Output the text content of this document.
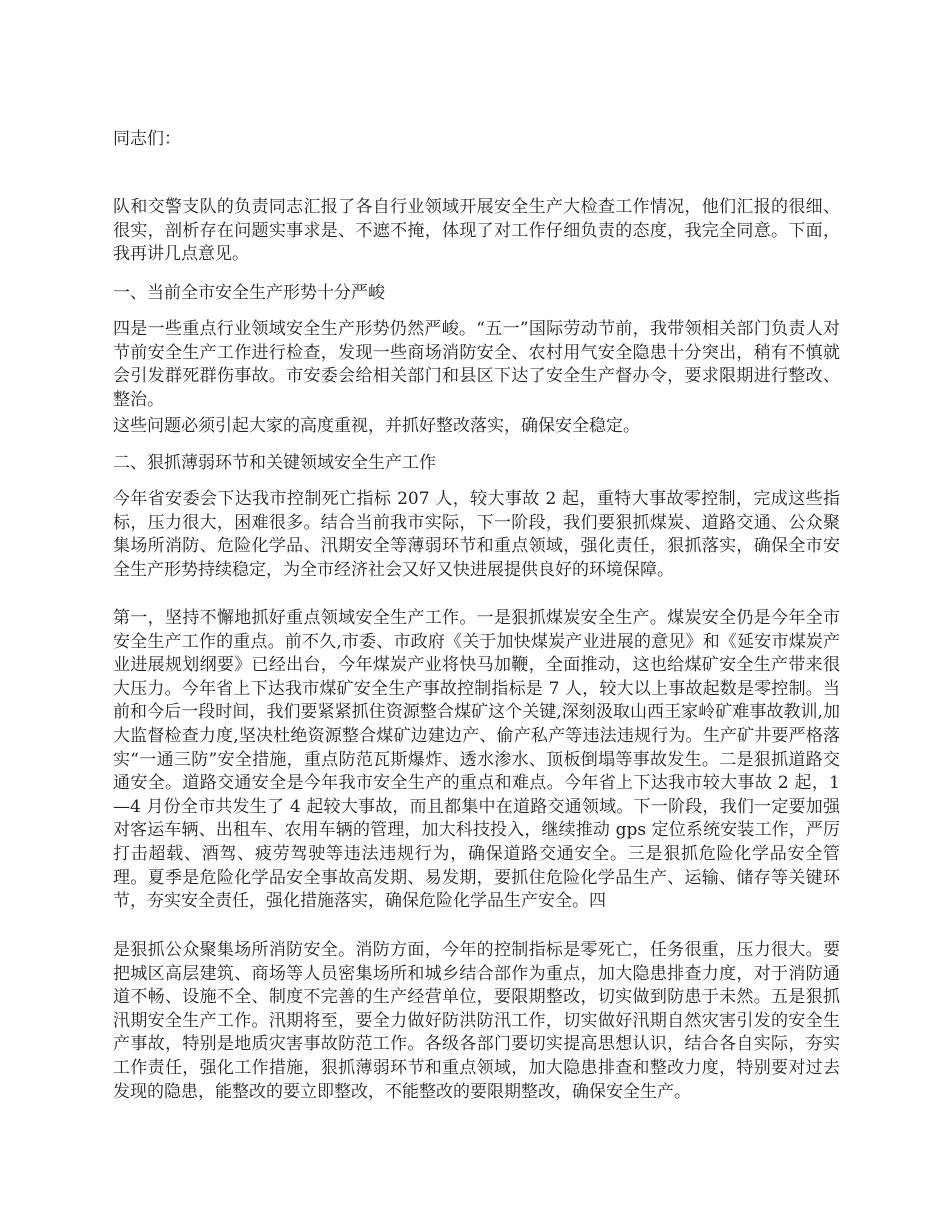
同志们：

队和交警支队的负责同志汇报了各自行业领域开展安全生产大检查工作情况，他们汇报的很细、很实，剖析存在问题实事求是、不遮不掩，体现了对工作仔细负责的态度，我完全同意。下面，我再讲几点意见。

一、当前全市安全生产形势十分严峻

四是一些重点行业领域安全生产形势仍然严峻。“五一”国际劳动节前，我带领相关部门负责人对节前安全生产工作进行检查，发现一些商场消防安全、农村用气安全隐患十分突出，稍有不慎就会引发群死群伤事故。市安委会给相关部门和县区下达了安全生产督办令，要求限期进行整改、整治。

这些问题必须引起大家的高度重视，并抓好整改落实，确保安全稳定。

二、狠抓薄弱环节和关键领域安全生产工作

今年省安委会下达我市控制死亡指标 207 人，较大事故 2 起，重特大事故零控制，完成这些指标，压力很大，困难很多。结合当前我市实际，下一阶段，我们要狠抓煤炭、道路交通、公众聚集场所消防、危险化学品、汛期安全等薄弱环节和重点领域，强化责任，狠抓落实，确保全市安全生产形势持续稳定，为全市经济社会又好又快进展提供良好的环境保障。

第一，坚持不懈地抓好重点领域安全生产工作。一是狠抓煤炭安全生产。煤炭安全仍是今年全市安全生产工作的重点。前不久,市委、市政府《关于加快煤炭产业进展的意见》和《延安市煤炭产业进展规划纲要》已经出台，今年煤炭产业将快马加鞭，全面推动，这也给煤矿安全生产带来很大压力。今年省上下达我市煤矿安全生产事故控制指标是 7 人，较大以上事故起数是零控制。当前和今后一段时间，我们要紧紧抓住资源整合煤矿这个关键,深刻汲取山西王家岭矿难事故教训,加大监督检查力度,坚决杜绝资源整合煤矿边建边产、偷产私产等违法违规行为。生产矿井要严格落实“一通三防”安全措施，重点防范瓦斯爆炸、透水渗水、顶板倒塌等事故发生。二是狠抓道路交通安全。道路交通安全是今年我市安全生产的重点和难点。今年省上下达我市较大事故 2 起，1—4 月份全市共发生了 4 起较大事故，而且都集中在道路交通领域。下一阶段，我们一定要加强对客运车辆、出租车、农用车辆的管理，加大科技投入，继续推动 gps 定位系统安装工作，严厉打击超载、酒驾、疲劳驾驶等违法违规行为，确保道路交通安全。三是狠抓危险化学品安全管理。夏季是危险化学品安全事故高发期、易发期，要抓住危险化学品生产、运输、储存等关键环节，夯实安全责任，强化措施落实，确保危险化学品生产安全。四

是狠抓公众聚集场所消防安全。消防方面，今年的控制指标是零死亡，任务很重，压力很大。要把城区高层建筑、商场等人员密集场所和城乡结合部作为重点，加大隐患排查力度，对于消防通道不畅、设施不全、制度不完善的生产经营单位，要限期整改，切实做到防患于未然。五是狠抓汛期安全生产工作。汛期将至，要全力做好防洪防汛工作，切实做好汛期自然灾害引发的安全生产事故，特别是地质灾害事故防范工作。各级各部门要切实提高思想认识，结合各自实际，夯实工作责任，强化工作措施，狠抓薄弱环节和重点领域，加大隐患排查和整改力度，特别要对过去发现的隐患，能整改的要立即整改，不能整改的要限期整改，确保安全生产。
